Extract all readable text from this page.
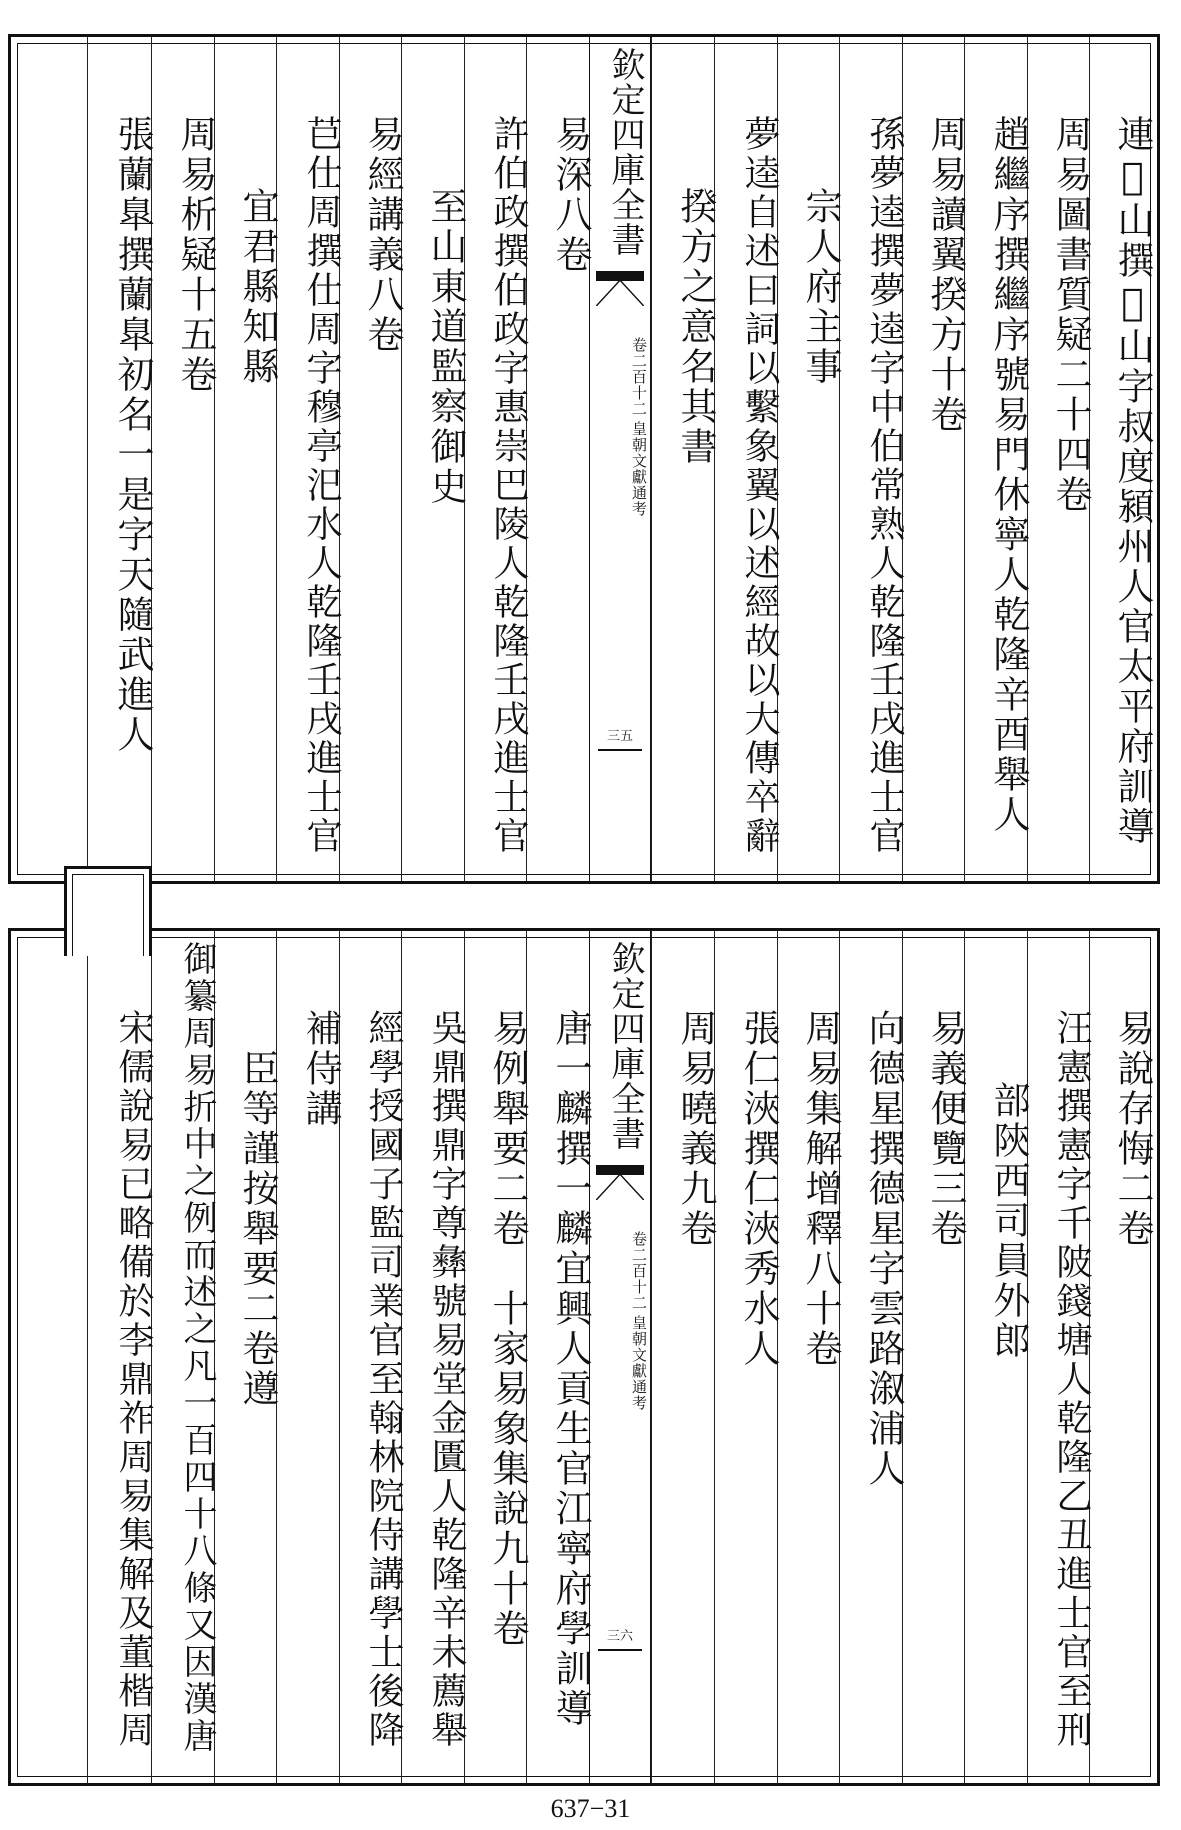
連𦍤山撰𦍤山字叔度潁州人官太平府訓導
周易圖書質疑二十四卷
趙繼序撰繼序號易門休寧人乾隆辛酉舉人
周易讀翼揆方十卷
孫夢逵撰夢逵字中伯常熟人乾隆壬戌進士官
宗人府主事
夢逵自述曰詞以繫象翼以述經故以大傳卒辭
揆方之意名其書
欽定四庫全書
皇朝文獻通考
卷二百十二
三五
易深八卷
許伯政撰伯政字惠崇巴陵人乾隆壬戌進士官
至山東道監察御史
易經講義八卷
𦬊仕周撰仕周字穆亭汜水人乾隆壬戌進士官
宜君縣知縣
周易析疑十五卷
張蘭臯撰蘭臯初名一是字天隨武進人
易說存悔二卷
汪憲撰憲字千陂錢塘人乾隆乙丑進士官至刑
部陝西司員外郎
易義便覽三卷
向德星撰德星字雲路溆浦人
周易集解增釋八十卷
張仁浹撰仁浹秀水人
周易曉義九卷
欽定四庫全書
皇朝文獻通考
卷二百十二
三六
唐一麟撰一麟宜興人貢生官江寧府學訓導
易例舉要二卷　十家易象集說九十卷
吳鼎撰鼎字尊彝號易堂金匱人乾隆辛未薦舉
經學授國子監司業官至翰林院侍講學士後降
補侍講
臣等謹按舉要二卷遵
御纂周易折中之例而述之凡一百四十八條又因漢唐
宋儒說易已略備於李鼎祚周易集解及董楷周
637−31
